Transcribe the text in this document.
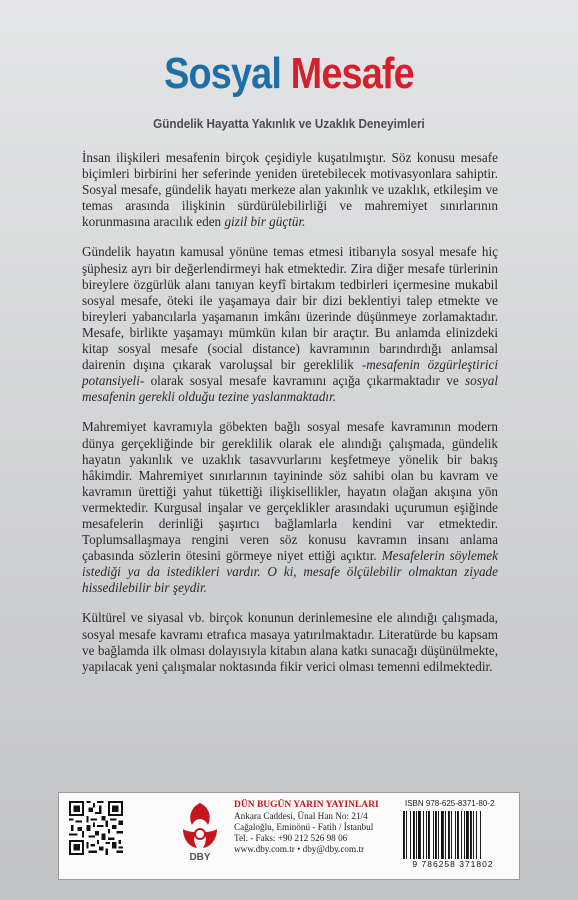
Sosyal Mesafe
Gündelik Hayatta Yakınlık ve Uzaklık Deneyimleri

İnsan ilişkileri mesafenin birçok çeşidiyle kuşatılmıştır. Söz konusu mesafe biçimleri birbirini her seferinde yeniden üretebilecek motivasyonlara sahiptir. Sosyal mesafe, gündelik hayatı merkeze alan yakınlık ve uzaklık, etkileşim ve temas arasında ilişkinin sürdürülebilirliği ve mahremiyet sınırlarının korunmasına aracılık eden gizil bir güçtür.

Gündelik hayatın kamusal yönüne temas etmesi itibarıyla sosyal mesafe hiç şüphesiz ayrı bir değerlendirmeyi hak etmektedir. Zira diğer mesafe türlerinin bireylere özgürlük alanı tanıyan keyfî birtakım tedbirleri içermesine mukabil sosyal mesafe, öteki ile yaşamaya dair bir dizi beklentiyi talep etmekte ve bireyleri yabancılarla yaşamanın imkânı üzerinde düşünmeye zorlamaktadır. Mesafe, birlikte yaşamayı mümkün kılan bir araçtır. Bu anlamda elinizdeki kitap sosyal mesafe (social distance) kavramının barındırdığı anlamsal dairenin dışına çıkarak varoluşsal bir gereklilik -mesafenin özgürleştirici potansiyeli- olarak sosyal mesafe kavramını açığa çıkarmaktadır ve sosyal mesafenin gerekli olduğu tezine yaslanmaktadır.

Mahremiyet kavramıyla göbekten bağlı sosyal mesafe kavramının modern dünya gerçekliğinde bir gereklilik olarak ele alındığı çalışmada, gündelik hayatın yakınlık ve uzaklık tasavvurlarını keşfetmeye yönelik bir bakış hâkimdir. Mahremiyet sınırlarının tayininde söz sahibi olan bu kavram ve kavramın ürettiği yahut tükettiği ilişkisellikler, hayatın olağan akışına yön vermektedir. Kurgusal inşalar ve gerçeklikler arasındaki uçurumun eşiğinde mesafelerin derinliği şaşırtıcı bağlamlarla kendini var etmektedir. Toplumsallaşmaya rengini veren söz konusu kavramın insanı anlama çabasında sözlerin ötesini görmeye niyet ettiği açıktır. Mesafelerin söylemek istediği ya da istedikleri vardır. O ki, mesafe ölçülebilir olmaktan ziyade hissedilebilir bir şeydir.

Kültürel ve siyasal vb. birçok konunun derinlemesine ele alındığı çalışmada, sosyal mesafe kavramı etrafıca masaya yatırılmaktadır. Literatürde bu kapsam ve bağlamda ilk olması dolayısıyla kitabın alana katkı sunacağı düşünülmekte, yapılacak yeni çalışmalar noktasında fikir verici olması temenni edilmektedir.

DBY
DÜN BUGÜN YARIN YAYINLARI
Ankara Caddesi, Ünal Han No: 21/4
Cağaloğlu, Eminönü - Fatih / İstanbul
Tel. - Faks: +90 212 526 98 06
www.dby.com.tr • dby@dby.com.tr
ISBN 978-625-8371-80-2
9 786258 371802
